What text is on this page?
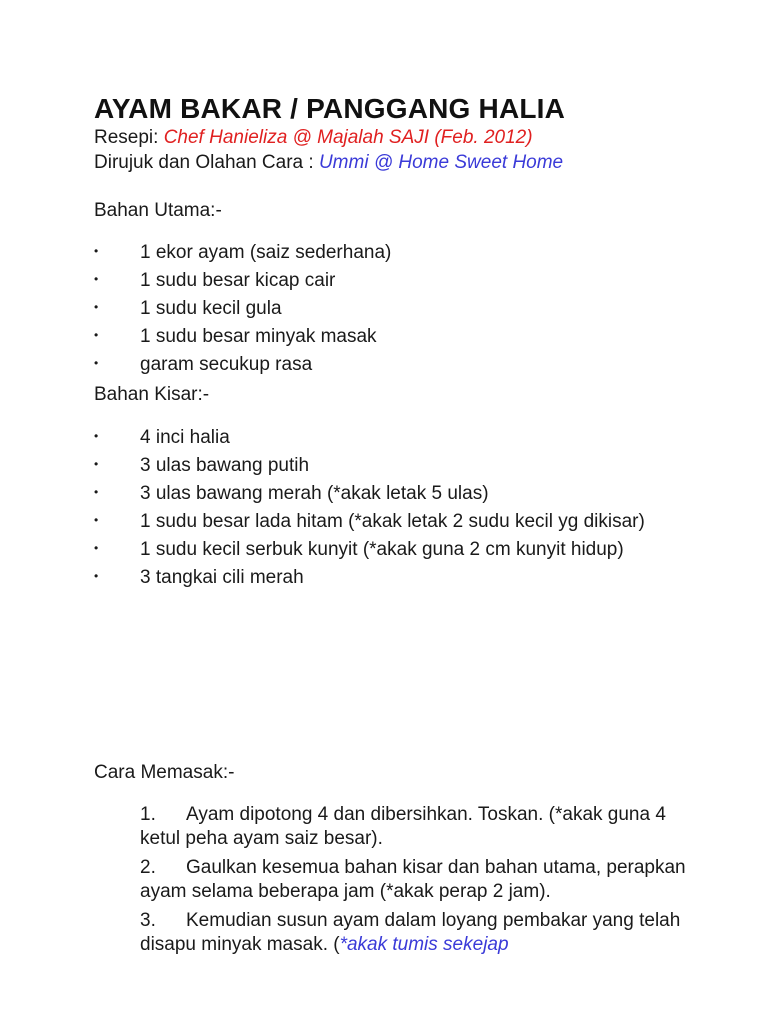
AYAM BAKAR / PANGGANG HALIA
Resepi: Chef Hanieliza @ Majalah SAJI (Feb. 2012)
Dirujuk dan Olahan Cara : Ummi @ Home Sweet Home
Bahan Utama:-
• 1 ekor ayam (saiz sederhana)
• 1 sudu besar kicap cair
• 1 sudu kecil gula
• 1 sudu besar minyak masak
• garam secukup rasa
Bahan Kisar:-
• 4 inci halia
• 3 ulas bawang putih
• 3 ulas bawang merah (*akak letak 5 ulas)
• 1 sudu besar lada hitam (*akak letak 2 sudu kecil yg dikisar)
• 1 sudu kecil serbuk kunyit (*akak guna 2 cm kunyit hidup)
• 3 tangkai cili merah
Cara Memasak:-
1. Ayam dipotong 4 dan dibersihkan. Toskan. (*akak guna 4 ketul peha ayam saiz besar).
2. Gaulkan kesemua bahan kisar dan bahan utama, perapkan ayam selama beberapa jam (*akak perap 2 jam).
3. Kemudian susun ayam dalam loyang pembakar yang telah disapu minyak masak. (*akak tumis sekejap
